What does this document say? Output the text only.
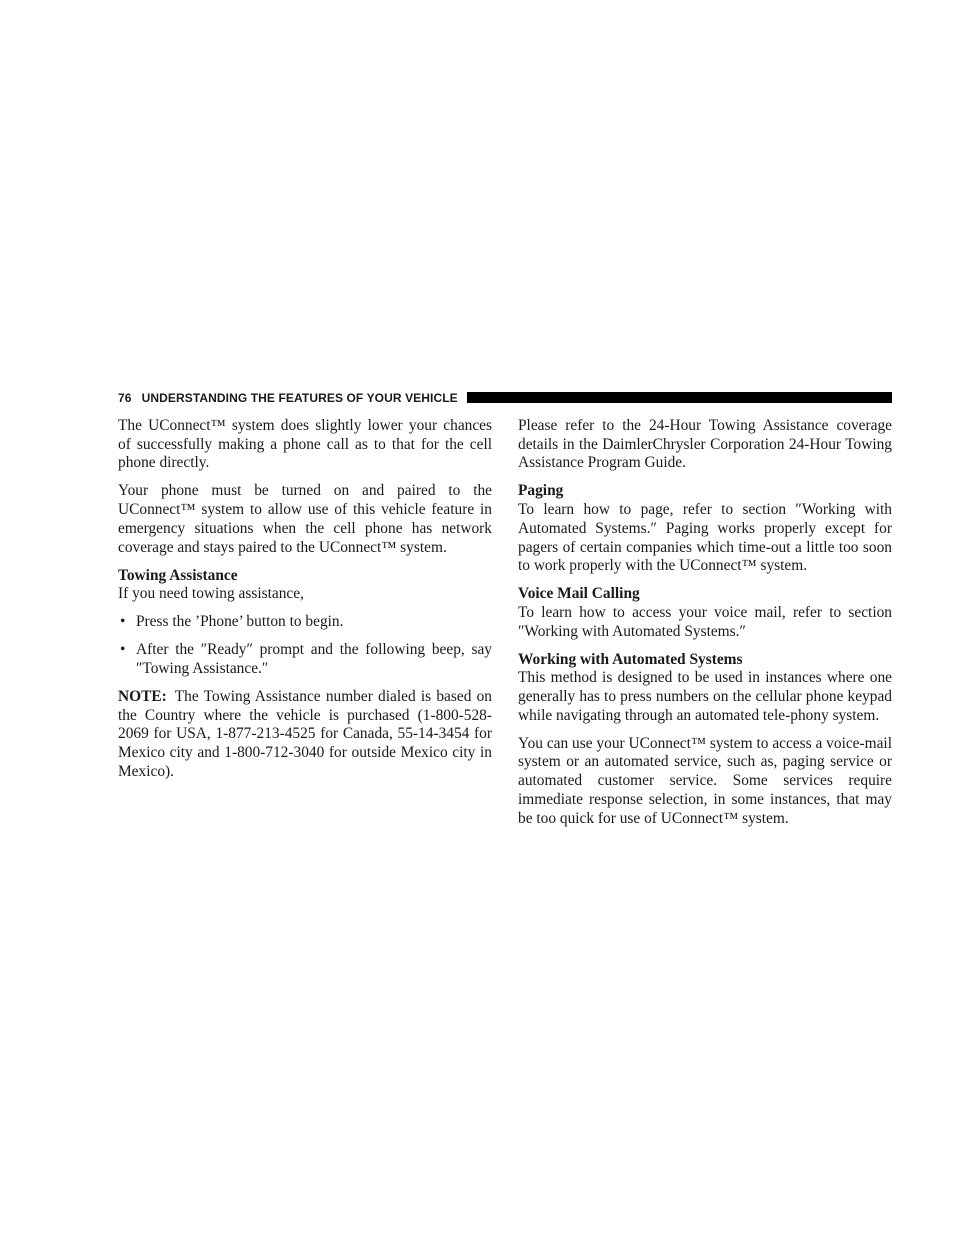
76 UNDERSTANDING THE FEATURES OF YOUR VEHICLE

The UConnect™ system does slightly lower your chances of successfully making a phone call as to that for the cell phone directly.

Your phone must be turned on and paired to the UConnect™ system to allow use of this vehicle feature in emergency situations when the cell phone has network coverage and stays paired to the UConnect™ system.

Towing Assistance

If you need towing assistance,

• Press the ’Phone’ button to begin.
• After the ″Ready″ prompt and the following beep, say ″Towing Assistance.″

NOTE: The Towing Assistance number dialed is based on the Country where the vehicle is purchased (1-800-528-2069 for USA, 1-877-213-4525 for Canada, 55-14-3454 for Mexico city and 1-800-712-3040 for outside Mexico city in Mexico).

Please refer to the 24-Hour Towing Assistance coverage details in the DaimlerChrysler Corporation 24-Hour Towing Assistance Program Guide.

Paging

To learn how to page, refer to section ″Working with Automated Systems.″ Paging works properly except for pagers of certain companies which time-out a little too soon to work properly with the UConnect™ system.

Voice Mail Calling

To learn how to access your voice mail, refer to section ″Working with Automated Systems.″

Working with Automated Systems

This method is designed to be used in instances where one generally has to press numbers on the cellular phone keypad while navigating through an automated tele-phony system.

You can use your UConnect™ system to access a voice-mail system or an automated service, such as, paging service or automated customer service. Some services require immediate response selection, in some instances, that may be too quick for use of UConnect™ system.
